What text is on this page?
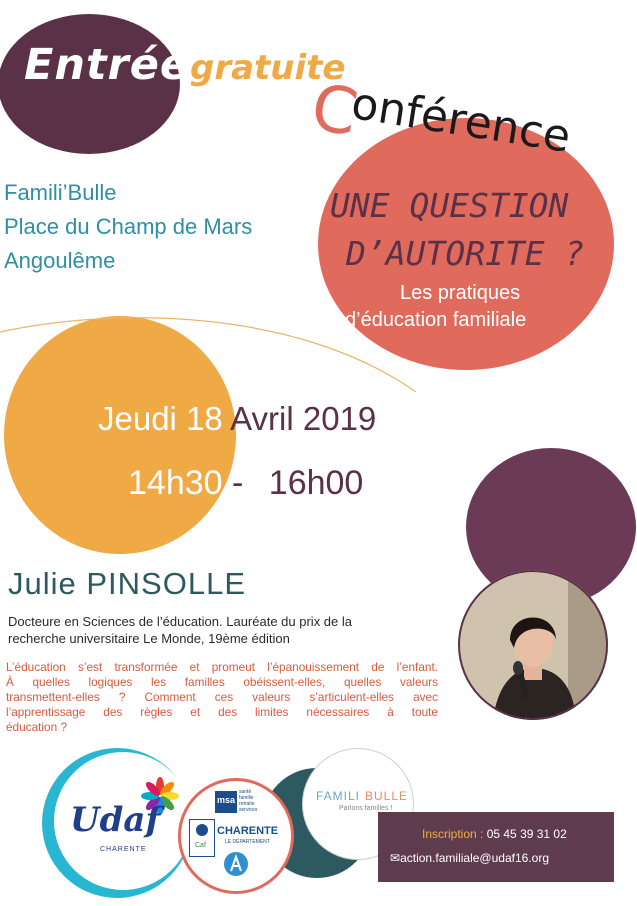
Entrée gratuite
C
onférence
Famili’Bulle
Place du Champ de Mars
Angoulême
UNE QUESTION
D’AUTORITE ?
Les pratiques
d’éducation familiale
Jeudi 18 Avril 2019
14h30 - 16h00
Julie PINSOLLE
Docteure en Sciences de l’éducation. Lauréate du prix de la
recherche universitaire Le Monde, 19ème édition
L’éducation s’est transformée et promeut l’épanouissement de l’enfant.
À quelles logiques les familles obéissent-elles, quelles valeurs
transmettent-elles ? Comment ces valeurs s’articulent-elles avec
l’apprentissage des règles et des limites nécessaires à toute
éducation ?
Udaf
CHARENTE
FAMILI BULLE
Parlons familles !
msa
santé
famille
retraite
services
Caf
CHARENTE
LE DÉPARTEMENT
Inscription : 05 45 39 31 02
✉action.familiale@udaf16.org
